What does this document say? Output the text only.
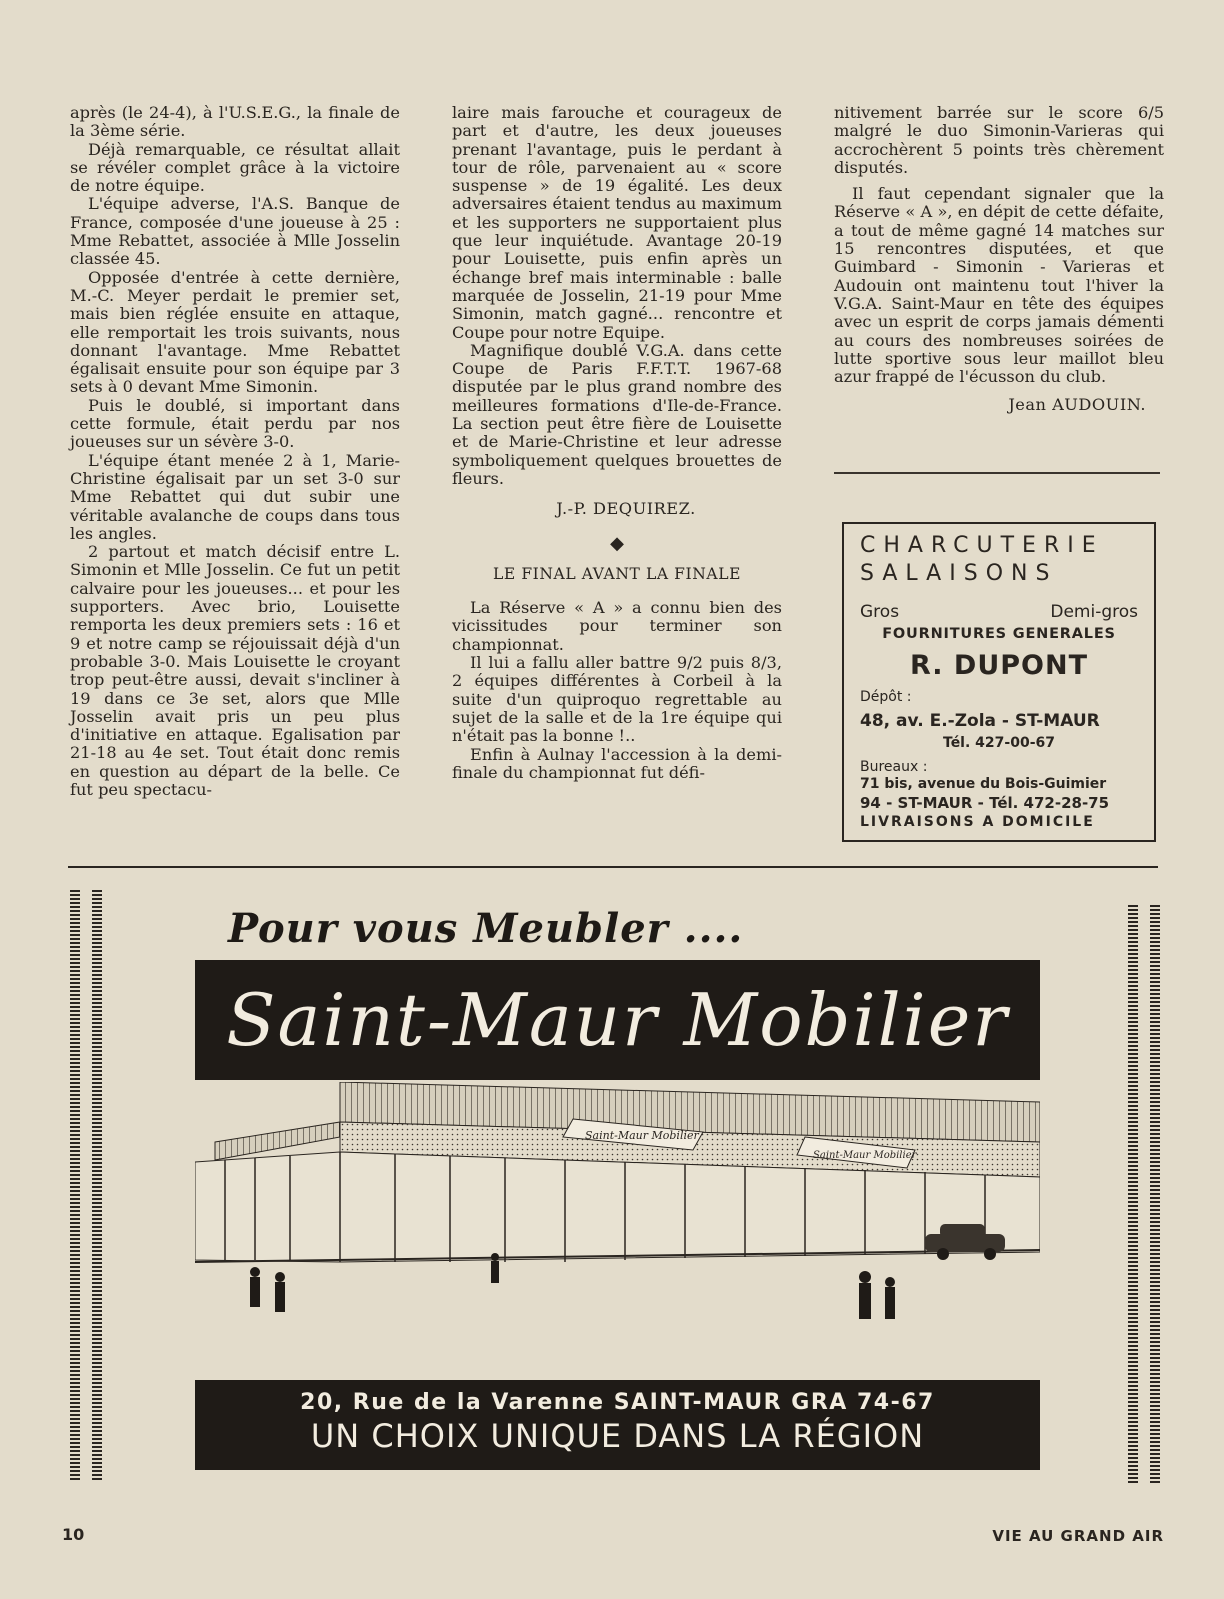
après (le 24-4), à l'U.S.E.G., la finale de la 3ème série.

Déjà remarquable, ce résultat allait se révéler complet grâce à la victoire de notre équipe.

L'équipe adverse, l'A.S. Banque de France, composée d'une joueuse à 25 : Mme Rebattet, associée à Mlle Josselin classée 45.

Opposée d'entrée à cette dernière, M.-C. Meyer perdait le premier set, mais bien réglée ensuite en attaque, elle remportait les trois suivants, nous donnant l'avantage. Mme Rebattet égalisait ensuite pour son équipe par 3 sets à 0 devant Mme Simonin.

Puis le doublé, si important dans cette formule, était perdu par nos joueuses sur un sévère 3-0.

L'équipe étant menée 2 à 1, Marie-Christine égalisait par un set 3-0 sur Mme Rebattet qui dut subir une véritable avalanche de coups dans tous les angles.

2 partout et match décisif entre L. Simonin et Mlle Josselin. Ce fut un petit calvaire pour les joueuses... et pour les supporters. Avec brio, Louisette remporta les deux premiers sets : 16 et 9 et notre camp se réjouissait déjà d'un probable 3-0. Mais Louisette le croyant trop peut-être aussi, devait s'incliner à 19 dans ce 3e set, alors que Mlle Josselin avait pris un peu plus d'initiative en attaque. Egalisation par 21-18 au 4e set. Tout était donc remis en question au départ de la belle. Ce fut peu spectacu-

laire mais farouche et courageux de part et d'autre, les deux joueuses prenant l'avantage, puis le perdant à tour de rôle, parvenaient au « score suspense » de 19 égalité. Les deux adversaires étaient tendus au maximum et les supporters ne supportaient plus que leur inquiétude. Avantage 20-19 pour Louisette, puis enfin après un échange bref mais interminable : balle marquée de Josselin, 21-19 pour Mme Simonin, match gagné... rencontre et Coupe pour notre Equipe.

Magnifique doublé V.G.A. dans cette Coupe de Paris F.F.T.T. 1967-68 disputée par le plus grand nombre des meilleures formations d'Ile-de-France. La section peut être fière de Louisette et de Marie-Christine et leur adresse symboliquement quelques brouettes de fleurs.

J.-P. DEQUIREZ.

◆
LE FINAL AVANT LA FINALE

La Réserve « A » a connu bien des vicissitudes pour terminer son championnat.

Il lui a fallu aller battre 9/2 puis 8/3, 2 équipes différentes à Corbeil à la suite d'un quiproquo regrettable au sujet de la salle et de la 1re équipe qui n'était pas la bonne !..

Enfin à Aulnay l'accession à la demi-finale du championnat fut défi-

nitivement barrée sur le score 6/5 malgré le duo Simonin-Varieras qui accrochèrent 5 points très chèrement disputés.

Il faut cependant signaler que la Réserve « A », en dépit de cette défaite, a tout de même gagné 14 matches sur 15 rencontres disputées, et que Guimbard - Simonin - Varieras et Audouin ont maintenu tout l'hiver la V.G.A. Saint-Maur en tête des équipes avec un esprit de corps jamais démenti au cours des nombreuses soirées de lutte sportive sous leur maillot bleu azur frappé de l'écusson du club.

Jean AUDOUIN.

CHARCUTERIE
SALAISONS
Gros	Demi-gros
FOURNITURES GENERALES
R. DUPONT
Dépôt :
48, av. E.-Zola - ST-MAUR
Tél. 427-00-67
Bureaux :
71 bis, avenue du Bois-Guimier
94 - ST-MAUR - Tél. 472-28-75
LIVRAISONS A DOMICILE
Pour vous Meubler ....
Saint-Maur Mobilier
Saint-Maur Mobilier
Saint-Maur Mobilier
20, Rue de la Varenne SAINT-MAUR GRA 74-67
UN CHOIX UNIQUE DANS LA RÉGION
10	VIE AU GRAND AIR
